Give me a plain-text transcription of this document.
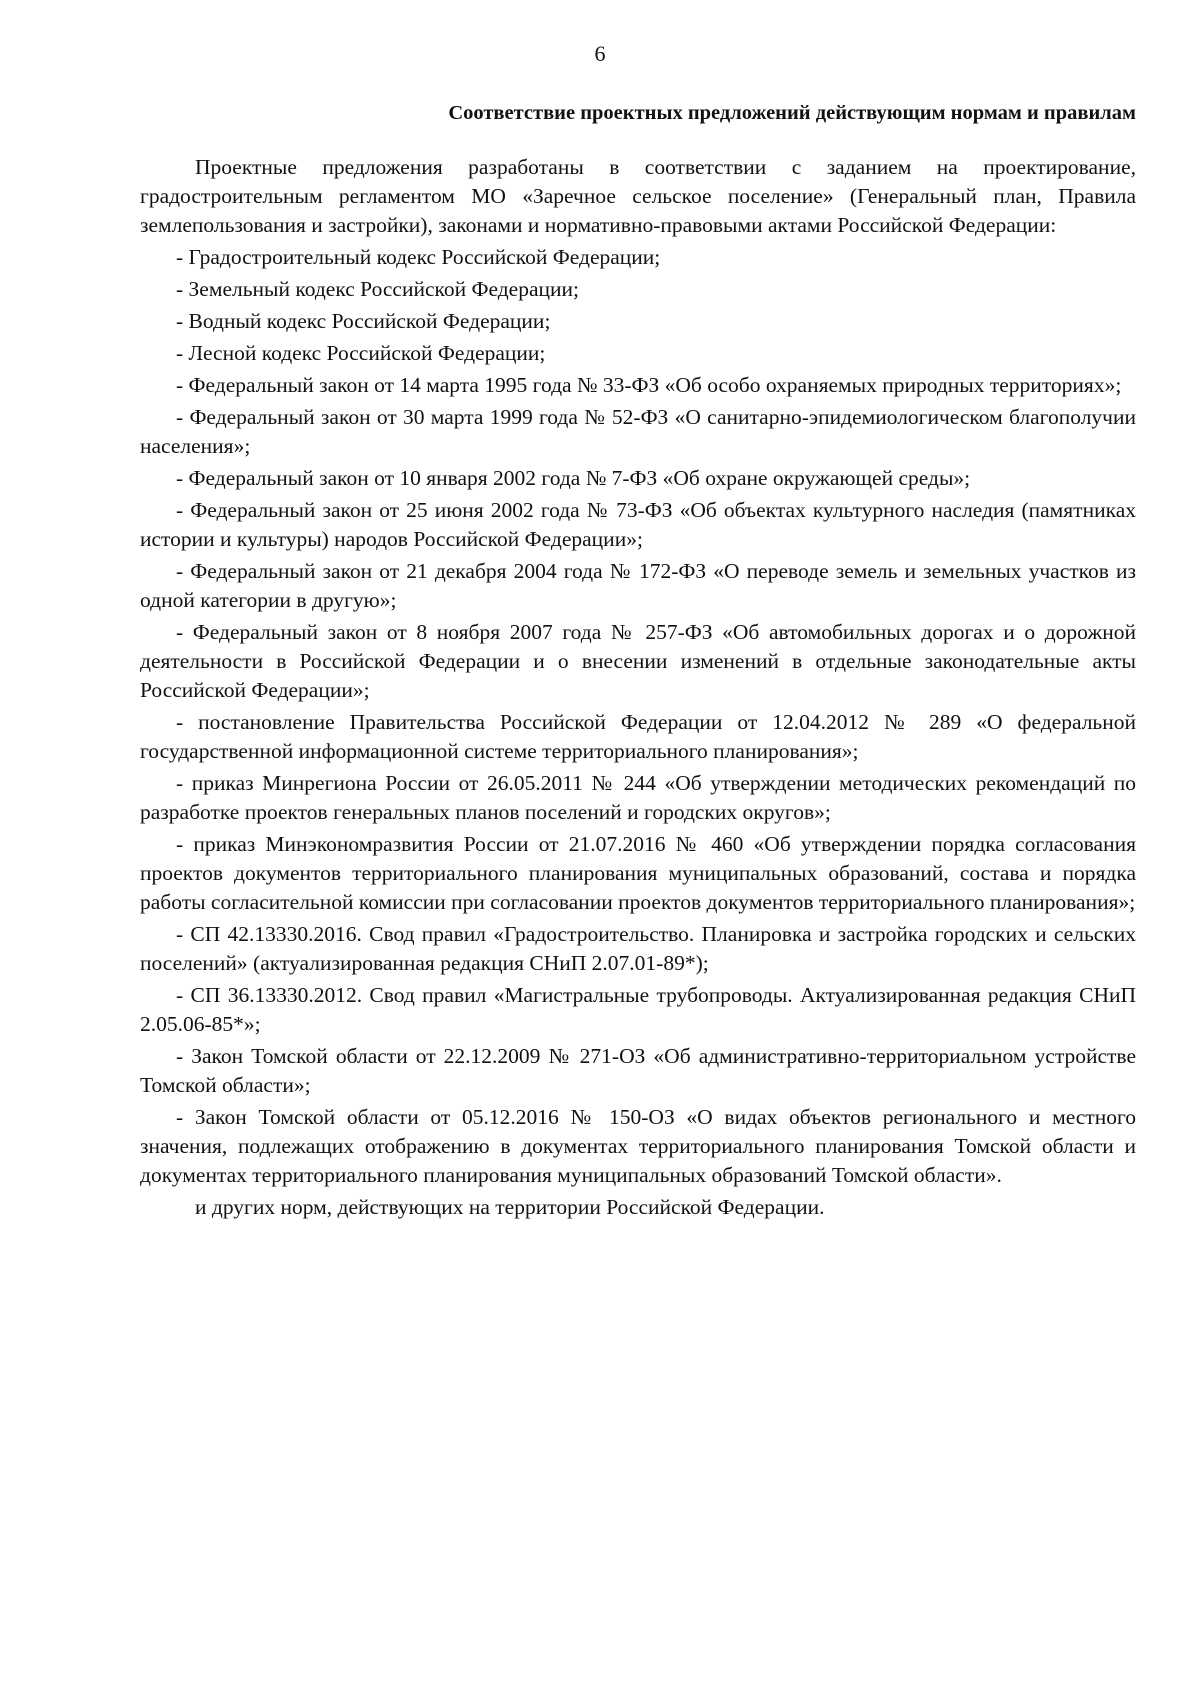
6
Соответствие проектных предложений действующим нормам и правилам

Проектные предложения разработаны в соответствии с заданием на проектирование, градостроительным регламентом МО «Заречное сельское поселение» (Генеральный план, Правила землепользования и застройки), законами и нормативно-правовыми актами Российской Федерации:

- Градостроительный кодекс Российской Федерации;

- Земельный кодекс Российской Федерации;

- Водный кодекс Российской Федерации;

- Лесной кодекс Российской Федерации;

- Федеральный закон от 14 марта 1995 года № 33-ФЗ «Об особо охраняемых природных территориях»;

- Федеральный закон от 30 марта 1999 года № 52-ФЗ «О санитарно-эпидемиологическом благополучии населения»;

- Федеральный закон от 10 января 2002 года № 7-ФЗ «Об охране окружающей среды»;

- Федеральный закон от 25 июня 2002 года № 73-ФЗ «Об объектах культурного наследия (памятниках истории и культуры) народов Российской Федерации»;

- Федеральный закон от 21 декабря 2004 года № 172-ФЗ «О переводе земель и земельных участков из одной категории в другую»;

- Федеральный закон от 8 ноября 2007 года № 257-ФЗ «Об автомобильных дорогах и о дорожной деятельности в Российской Федерации и о внесении изменений в отдельные законодательные акты Российской Федерации»;

- постановление Правительства Российской Федерации от 12.04.2012 № 289 «О федеральной государственной информационной системе территориального планирования»;

- приказ Минрегиона России от 26.05.2011 № 244 «Об утверждении методических рекомендаций по разработке проектов генеральных планов поселений и городских округов»;

- приказ Минэкономразвития России от 21.07.2016 № 460 «Об утверждении порядка согласования проектов документов территориального планирования муниципальных образований, состава и порядка работы согласительной комиссии при согласовании проектов документов территориального планирования»;

- СП 42.13330.2016. Свод правил «Градостроительство. Планировка и застройка городских и сельских поселений» (актуализированная редакция СНиП 2.07.01-89*);

- СП 36.13330.2012. Свод правил «Магистральные трубопроводы. Актуализированная редакция СНиП 2.05.06-85*»;

- Закон Томской области от 22.12.2009 № 271-ОЗ «Об административно-территориальном устройстве Томской области»;

- Закон Томской области от 05.12.2016 № 150-ОЗ «О видах объектов регионального и местного значения, подлежащих отображению в документах территориального планирования Томской области и документах территориального планирования муниципальных образований Томской области».

и других норм, действующих на территории Российской Федерации.
